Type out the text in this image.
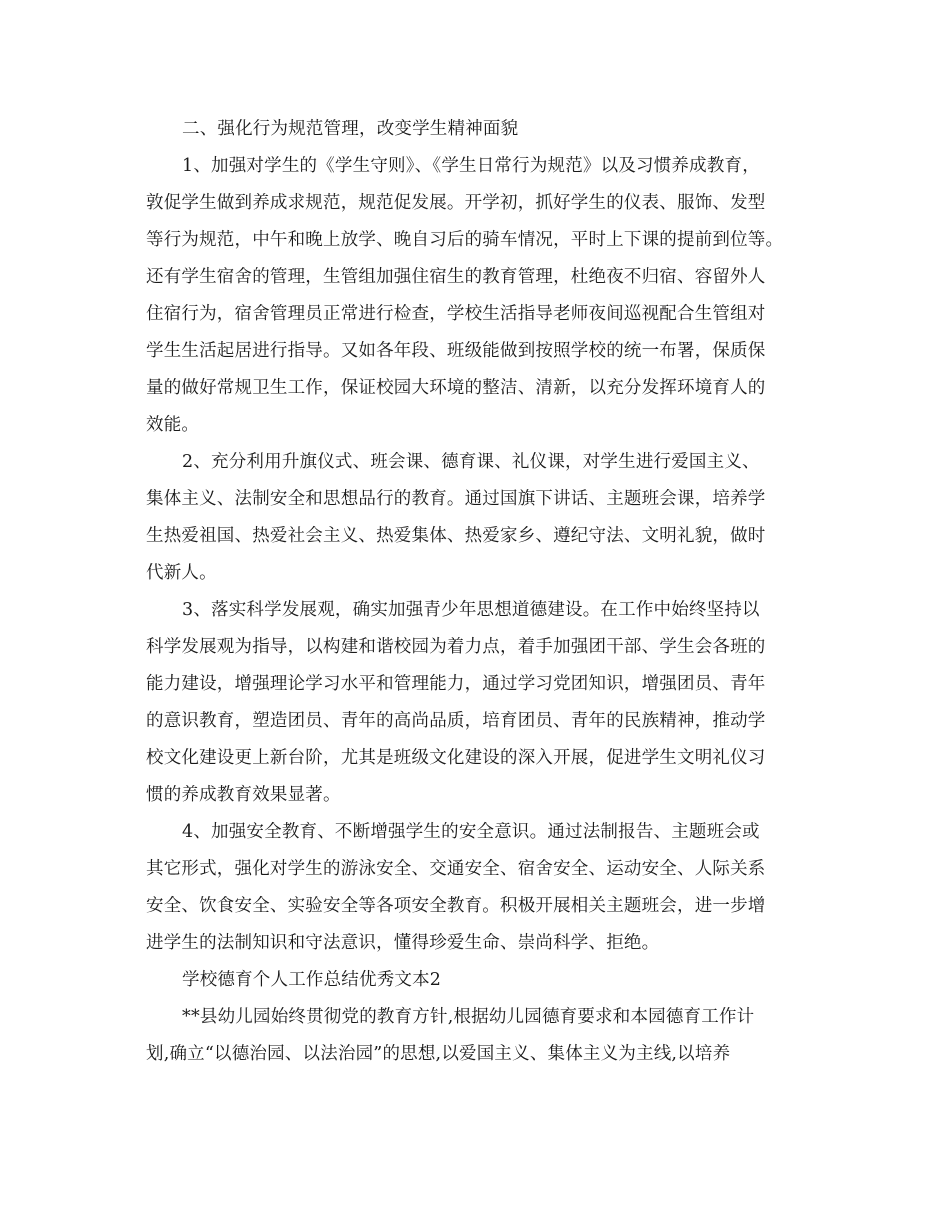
二、强化行为规范管理，改变学生精神面貌
1、加强对学生的《学生守则》、《学生日常行为规范》以及习惯养成教育，
敦促学生做到养成求规范，规范促发展。开学初，抓好学生的仪表、服饰、发型
等行为规范，中午和晚上放学、晚自习后的骑车情况，平时上下课的提前到位等。
还有学生宿舍的管理，生管组加强住宿生的教育管理，杜绝夜不归宿、容留外人
住宿行为，宿舍管理员正常进行检查，学校生活指导老师夜间巡视配合生管组对
学生生活起居进行指导。又如各年段、班级能做到按照学校的统一布署，保质保
量的做好常规卫生工作，保证校园大环境的整洁、清新，以充分发挥环境育人的
效能。
2、充分利用升旗仪式、班会课、德育课、礼仪课，对学生进行爱国主义、
集体主义、法制安全和思想品行的教育。通过国旗下讲话、主题班会课，培养学
生热爱祖国、热爱社会主义、热爱集体、热爱家乡、遵纪守法、文明礼貌，做时
代新人。
3、落实科学发展观，确实加强青少年思想道德建设。在工作中始终坚持以
科学发展观为指导，以构建和谐校园为着力点，着手加强团干部、学生会各班的
能力建设，增强理论学习水平和管理能力，通过学习党团知识，增强团员、青年
的意识教育，塑造团员、青年的高尚品质，培育团员、青年的民族精神，推动学
校文化建设更上新台阶，尤其是班级文化建设的深入开展，促进学生文明礼仪习
惯的养成教育效果显著。
4、加强安全教育、不断增强学生的安全意识。通过法制报告、主题班会或
其它形式，强化对学生的游泳安全、交通安全、宿舍安全、运动安全、人际关系
安全、饮食安全、实验安全等各项安全教育。积极开展相关主题班会，进一步增
进学生的法制知识和守法意识，懂得珍爱生命、崇尚科学、拒绝。
学校德育个人工作总结优秀文本2
**县幼儿园始终贯彻党的教育方针,根据幼儿园德育要求和本园德育工作计
划,确立“以德治园、以法治园”的思想,以爱国主义、集体主义为主线,以培养
